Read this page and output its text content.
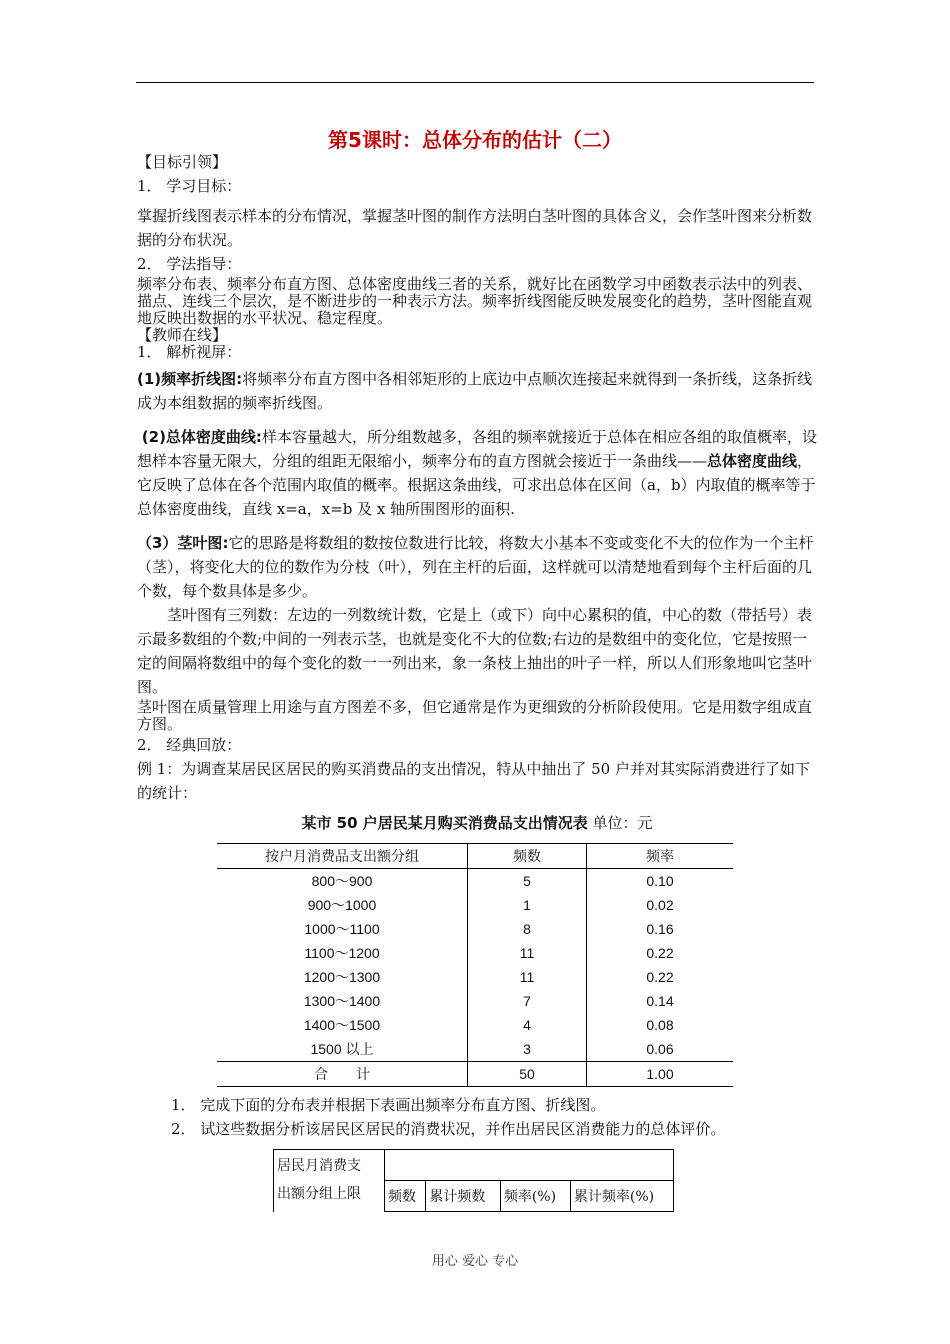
第5课时：总体分布的估计（二）

【目标引领】

1． 学习目标：

掌握折线图表示样本的分布情况，掌握茎叶图的制作方法明白茎叶图的具体含义，会作茎叶图来分析数据的分布状况。

2． 学法指导：

频率分布表、频率分布直方图、总体密度曲线三者的关系，就好比在函数学习中函数表示法中的列表、描点、连线三个层次，是不断进步的一种表示方法。频率折线图能反映发展变化的趋势，茎叶图能直观地反映出数据的水平状况、稳定程度。

【教师在线】

1． 解析视屏：

(1)频率折线图:将频率分布直方图中各相邻矩形的上底边中点顺次连接起来就得到一条折线，这条折线成为本组数据的频率折线图。

(2)总体密度曲线:样本容量越大，所分组数越多，各组的频率就接近于总体在相应各组的取值概率，设想样本容量无限大，分组的组距无限缩小，频率分布的直方图就会接近于一条曲线——总体密度曲线，它反映了总体在各个范围内取值的概率。根据这条曲线，可求出总体在区间（a，b）内取值的概率等于总体密度曲线，直线 x=a，x=b 及 x 轴所围图形的面积.

（3）茎叶图:它的思路是将数组的数按位数进行比较，将数大小基本不变或变化不大的位作为一个主杆（茎），将变化大的位的数作为分枝（叶），列在主杆的后面，这样就可以清楚地看到每个主杆后面的几个数，每个数具体是多少。

茎叶图有三列数：左边的一列数统计数，它是上（或下）向中心累积的值，中心的数（带括号）表示最多数组的个数;中间的一列表示茎，也就是变化不大的位数;右边的是数组中的变化位，它是按照一定的间隔将数组中的每个变化的数一一列出来，象一条枝上抽出的叶子一样，所以人们形象地叫它茎叶图。

茎叶图在质量管理上用途与直方图差不多，但它通常是作为更细致的分析阶段使用。它是用数字组成直方图。

2． 经典回放：

例 1：为调查某居民区居民的购买消费品的支出情况，特从中抽出了 50 户并对其实际消费进行了如下的统计：

某市 50 户居民某月购买消费品支出情况表 单位：元

按户月消费品支出额分组	频数	频率
800～900	5	0.10
900～1000	1	0.02
1000～1100	8	0.16
1100～1200	11	0.22
1200～1300	11	0.22
1300～1400	7	0.14
1400～1500	4	0.08
1500 以上	3	0.06
合　　计	50	1.00

1． 完成下面的分布表并根据下表画出频率分布直方图、折线图。

2． 试这些数据分析该居民区居民的消费状况，并作出居民区消费能力的总体评价。

居民月消费支
出额分组上限				
	频数	累计频数	频率(%)	累计频率(%)
用心 爱心 专心
